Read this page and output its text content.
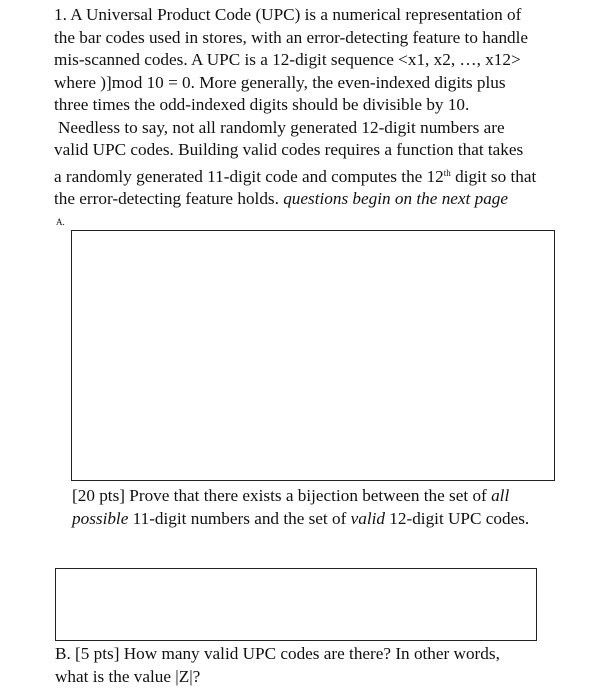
1. A Universal Product Code (UPC) is a numerical representation of
the bar codes used in stores, with an error-detecting feature to handle
mis-scanned codes. A UPC is a 12-digit sequence <x1, x2, …, x12>
where )]mod 10 = 0. More generally, the even-indexed digits plus
three times the odd-indexed digits should be divisible by 10.
Needless to say, not all randomly generated 12-digit numbers are
valid UPC codes. Building valid codes requires a function that takes
a randomly generated 11-digit code and computes the 12th digit so that
the error-detecting feature holds. questions begin on the next page
A.
[20 pts] Prove that there exists a bijection between the set of all
possible 11-digit numbers and the set of valid 12-digit UPC codes.
B. [5 pts] How many valid UPC codes are there? In other words,
what is the value |Z|?
